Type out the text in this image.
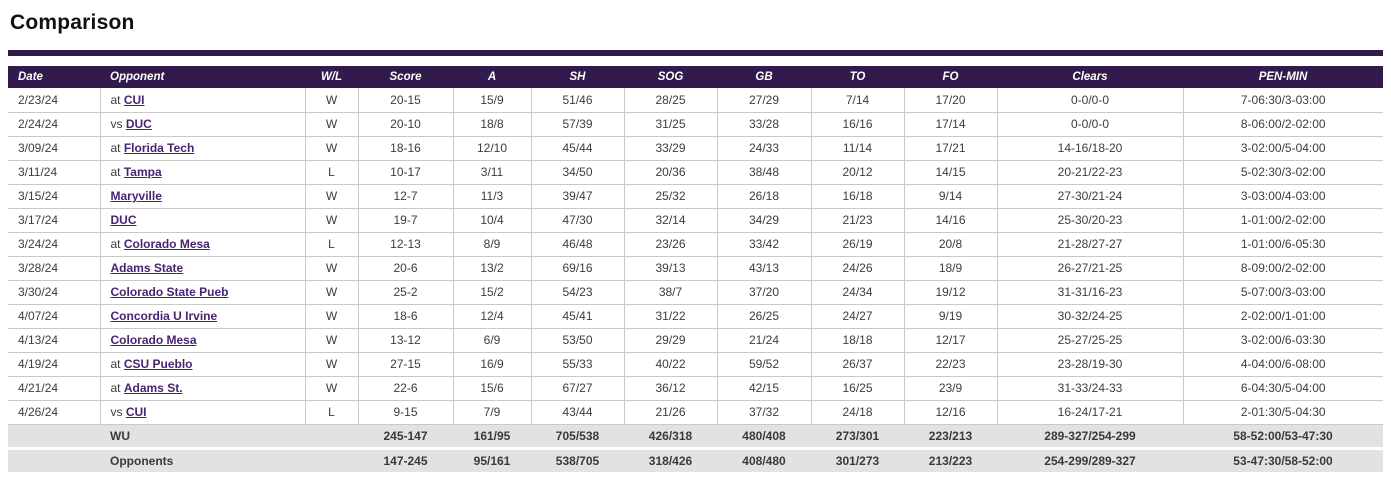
Comparison
Date	Opponent	W/L	Score	A	SH	SOG	GB	TO	FO	Clears	PEN-MIN
2/23/24	at CUI	W	20-15	15/9	51/46	28/25	27/29	7/14	17/20	0-0/0-0	7-06:30/3-03:00
2/24/24	vs DUC	W	20-10	18/8	57/39	31/25	33/28	16/16	17/14	0-0/0-0	8-06:00/2-02:00
3/09/24	at Florida Tech	W	18-16	12/10	45/44	33/29	24/33	11/14	17/21	14-16/18-20	3-02:00/5-04:00
3/11/24	at Tampa	L	10-17	3/11	34/50	20/36	38/48	20/12	14/15	20-21/22-23	5-02:30/3-02:00
3/15/24	Maryville	W	12-7	11/3	39/47	25/32	26/18	16/18	9/14	27-30/21-24	3-03:00/4-03:00
3/17/24	DUC	W	19-7	10/4	47/30	32/14	34/29	21/23	14/16	25-30/20-23	1-01:00/2-02:00
3/24/24	at Colorado Mesa	L	12-13	8/9	46/48	23/26	33/42	26/19	20/8	21-28/27-27	1-01:00/6-05:30
3/28/24	Adams State	W	20-6	13/2	69/16	39/13	43/13	24/26	18/9	26-27/21-25	8-09:00/2-02:00
3/30/24	Colorado State Pueb	W	25-2	15/2	54/23	38/7	37/20	24/34	19/12	31-31/16-23	5-07:00/3-03:00
4/07/24	Concordia U Irvine	W	18-6	12/4	45/41	31/22	26/25	24/27	9/19	30-32/24-25	2-02:00/1-01:00
4/13/24	Colorado Mesa	W	13-12	6/9	53/50	29/29	21/24	18/18	12/17	25-27/25-25	3-02:00/6-03:30
4/19/24	at CSU Pueblo	W	27-15	16/9	55/33	40/22	59/52	26/37	22/23	23-28/19-30	4-04:00/6-08:00
4/21/24	at Adams St.	W	22-6	15/6	67/27	36/12	42/15	16/25	23/9	31-33/24-33	6-04:30/5-04:00
4/26/24	vs CUI	L	9-15	7/9	43/44	21/26	37/32	24/18	12/16	16-24/17-21	2-01:30/5-04:30
	WU		245-147	161/95	705/538	426/318	480/408	273/301	223/213	289-327/254-299	58-52:00/53-47:30
	Opponents		147-245	95/161	538/705	318/426	408/480	301/273	213/223	254-299/289-327	53-47:30/58-52:00
